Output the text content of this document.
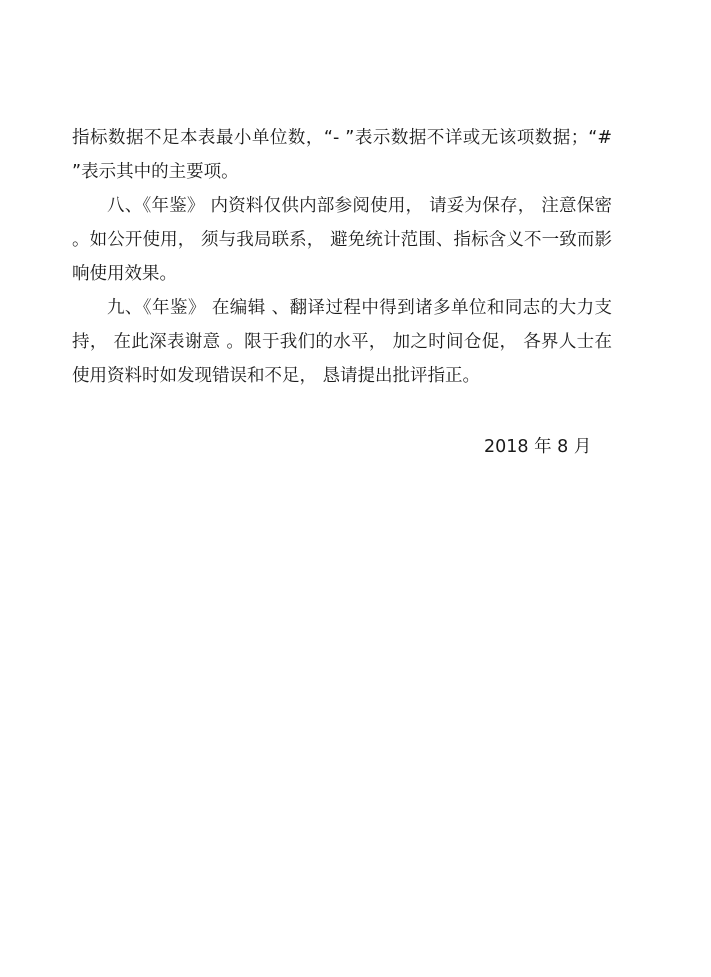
指标数据不足本表最小单位数，“- ”表示数据不详或无该项数据；“# ”表示其中的主要项。

八、《年鉴》 内资料仅供内部参阅使用， 请妥为保存， 注意保密 。如公开使用， 须与我局联系， 避免统计范围、指标含义不一致而影响使用效果。

九、《年鉴》 在编辑 、翻译过程中得到诸多单位和同志的大力支持， 在此深表谢意 。限于我们的水平， 加之时间仓促， 各界人士在使用资料时如发现错误和不足， 恳请提出批评指正。

2018 年 8 月
